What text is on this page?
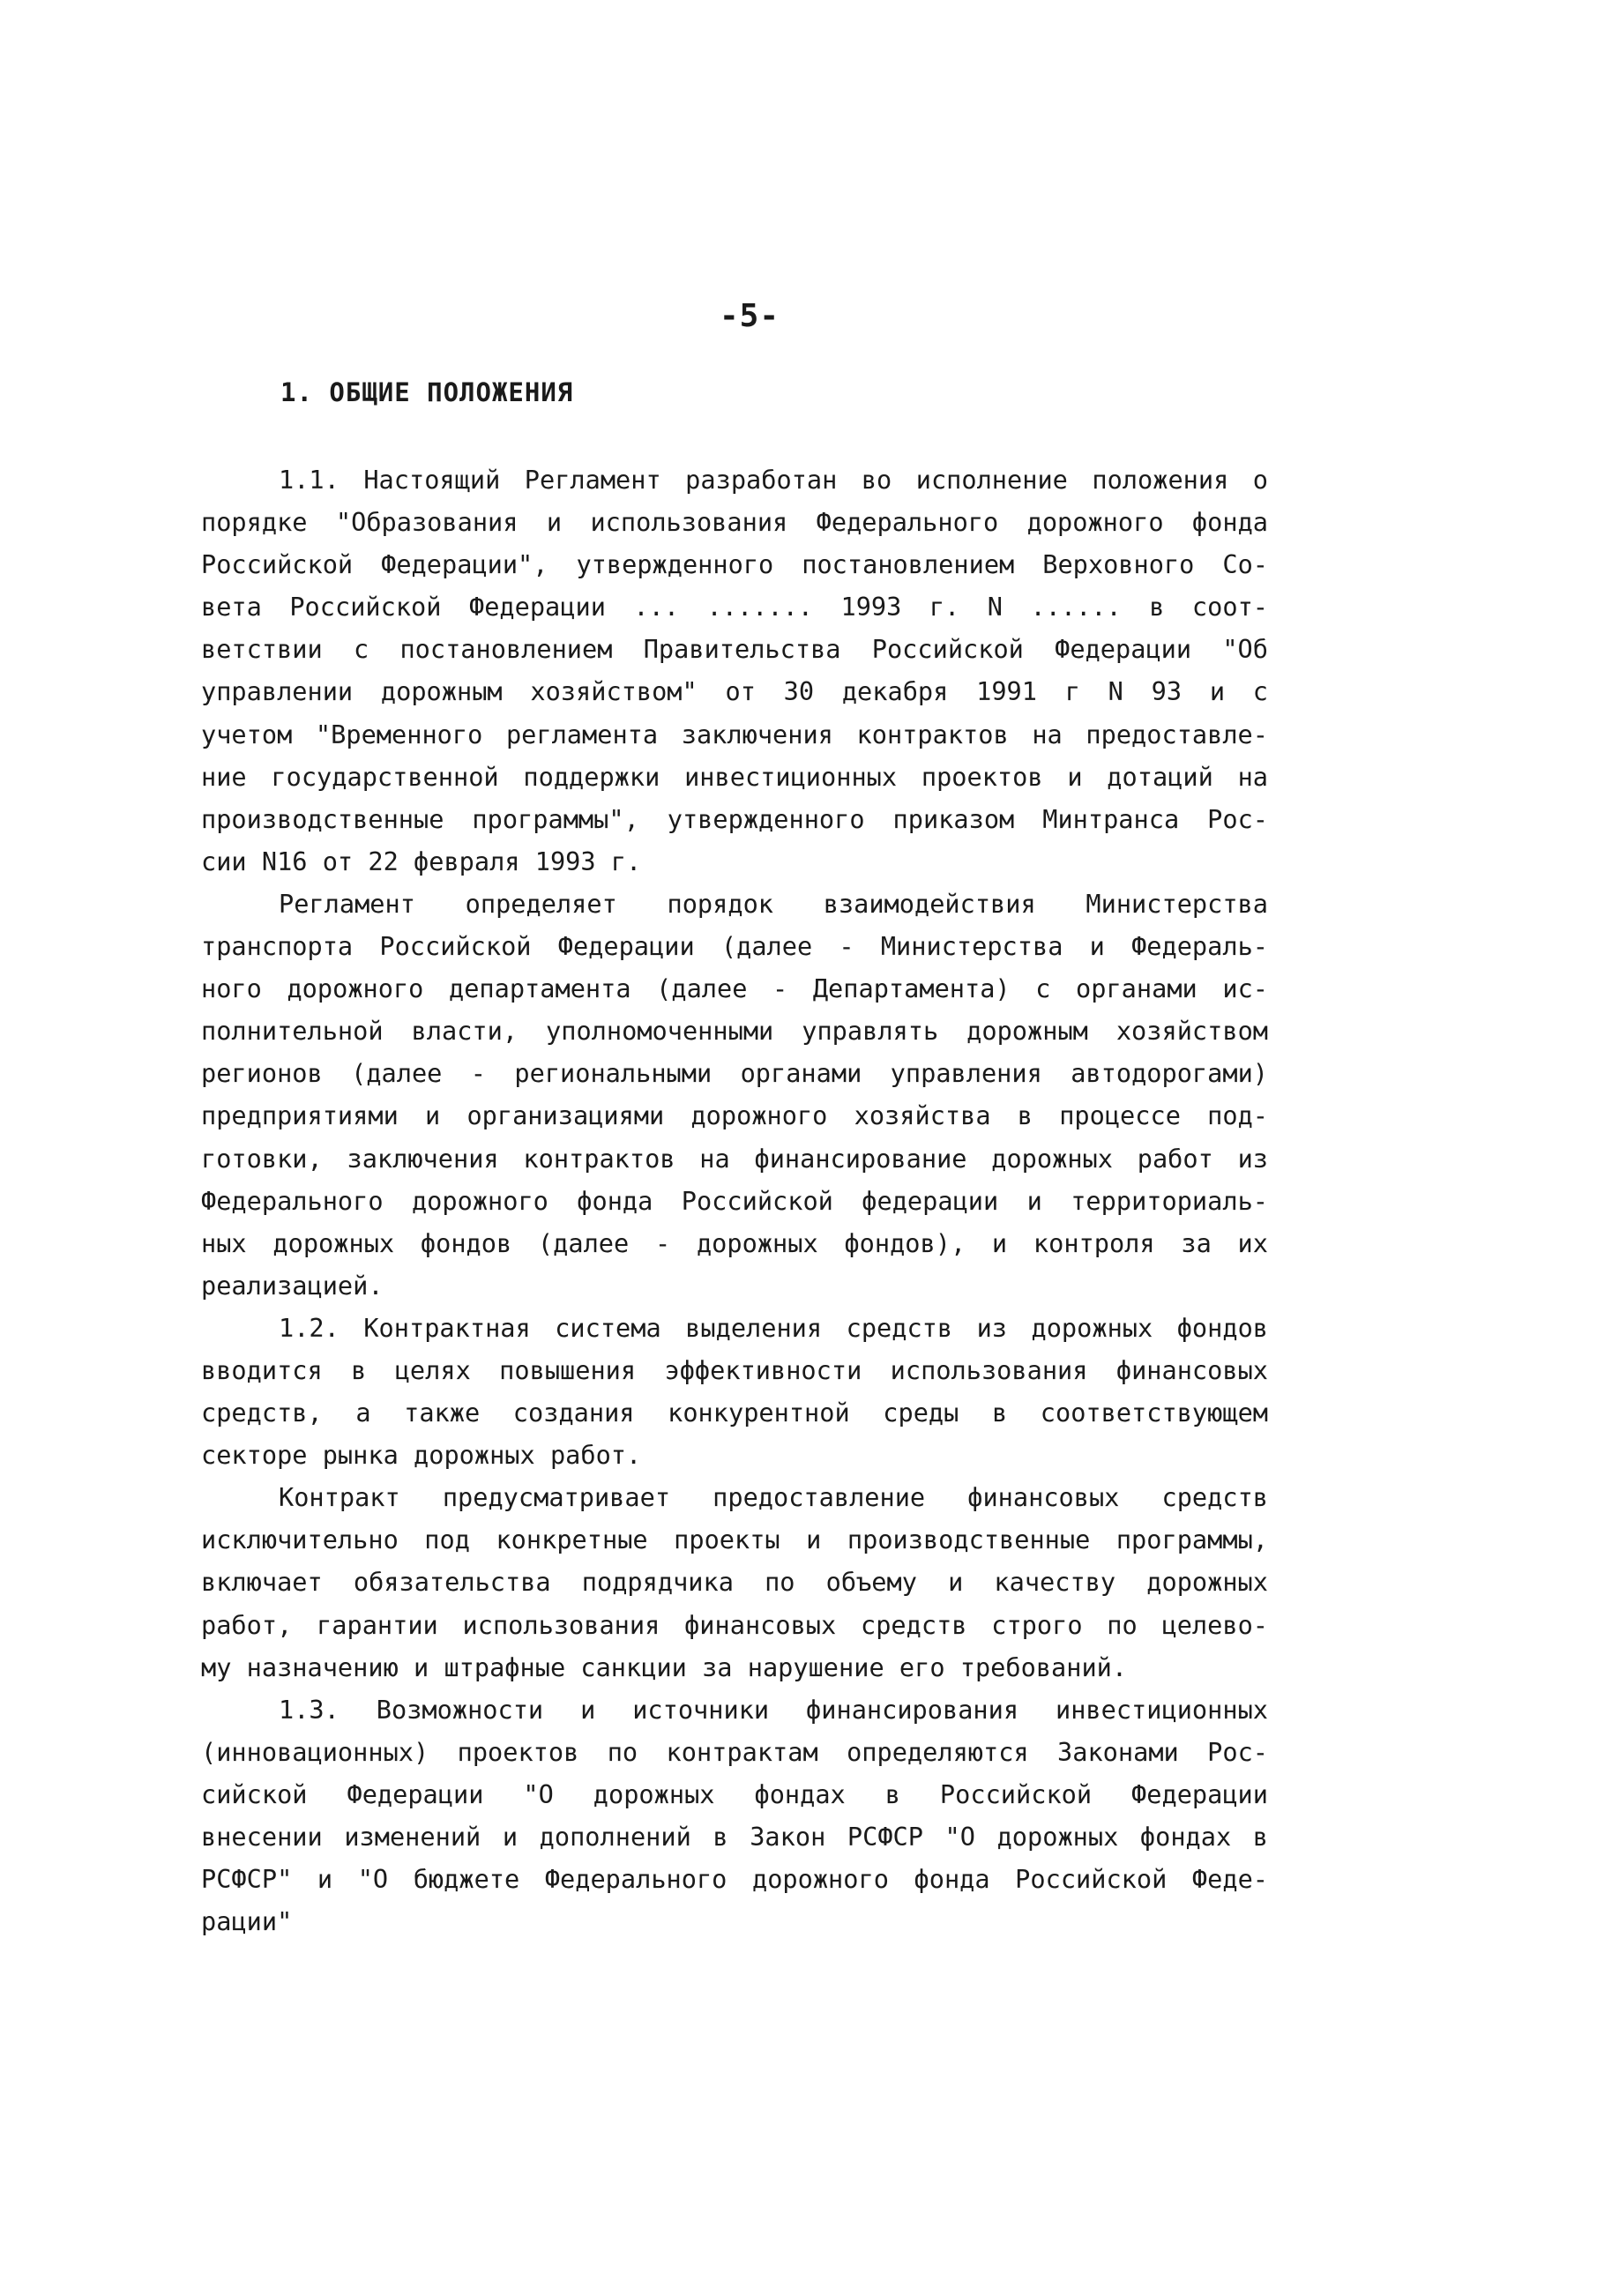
-5-
1. ОБЩИЕ ПОЛОЖЕНИЯ
1.1. Настоящий Регламент разработан во исполнение положения о
порядке "Образования и использования Федерального дорожного фонда
Российской Федерации", утвержденного постановлением Верховного Со-
вета Российской Федерации ... ....... 1993 г. N ...... в соот-
ветствии с постановлением Правительства Российской Федерации "Об
управлении дорожным хозяйством" от 30 декабря 1991 г N 93 и с
учетом "Временного регламента заключения контрактов на предоставле-
ние государственной поддержки инвестиционных проектов и дотаций на
производственные программы", утвержденного приказом Минтранса Рос-
сии N16 от 22 февраля 1993 г.
Регламент определяет порядок взаимодействия Министерства
транспорта Российской Федерации (далее - Министерства и Федераль-
ного дорожного департамента (далее - Департамента) с органами ис-
полнительной власти, уполномоченными управлять дорожным хозяйством
регионов (далее - региональными органами управления автодорогами)
предприятиями и организациями дорожного хозяйства в процессе под-
готовки, заключения контрактов на финансирование дорожных работ из
Федерального дорожного фонда Российской федерации и территориаль-
ных дорожных фондов (далее - дорожных фондов), и контроля за их
реализацией.
1.2. Контрактная система выделения средств из дорожных фондов
вводится в целях повышения эффективности использования финансовых
средств, а также создания конкурентной среды в соответствующем
секторе рынка дорожных работ.
Контракт предусматривает предоставление финансовых средств
исключительно под конкретные проекты и производственные программы,
включает обязательства подрядчика по объему и качеству дорожных
работ, гарантии использования финансовых средств строго по целево-
му назначению и штрафные санкции за нарушение его требований.
1.3. Возможности и источники финансирования инвестиционных
(инновационных) проектов по контрактам определяются Законами Рос-
сийской Федерации "О дорожных фондах в Российской Федерации
внесении изменений и дополнений в Закон РСФСР "О дорожных фондах в
РСФСР" и "О бюджете Федерального дорожного фонда Российской Феде-
рации"
